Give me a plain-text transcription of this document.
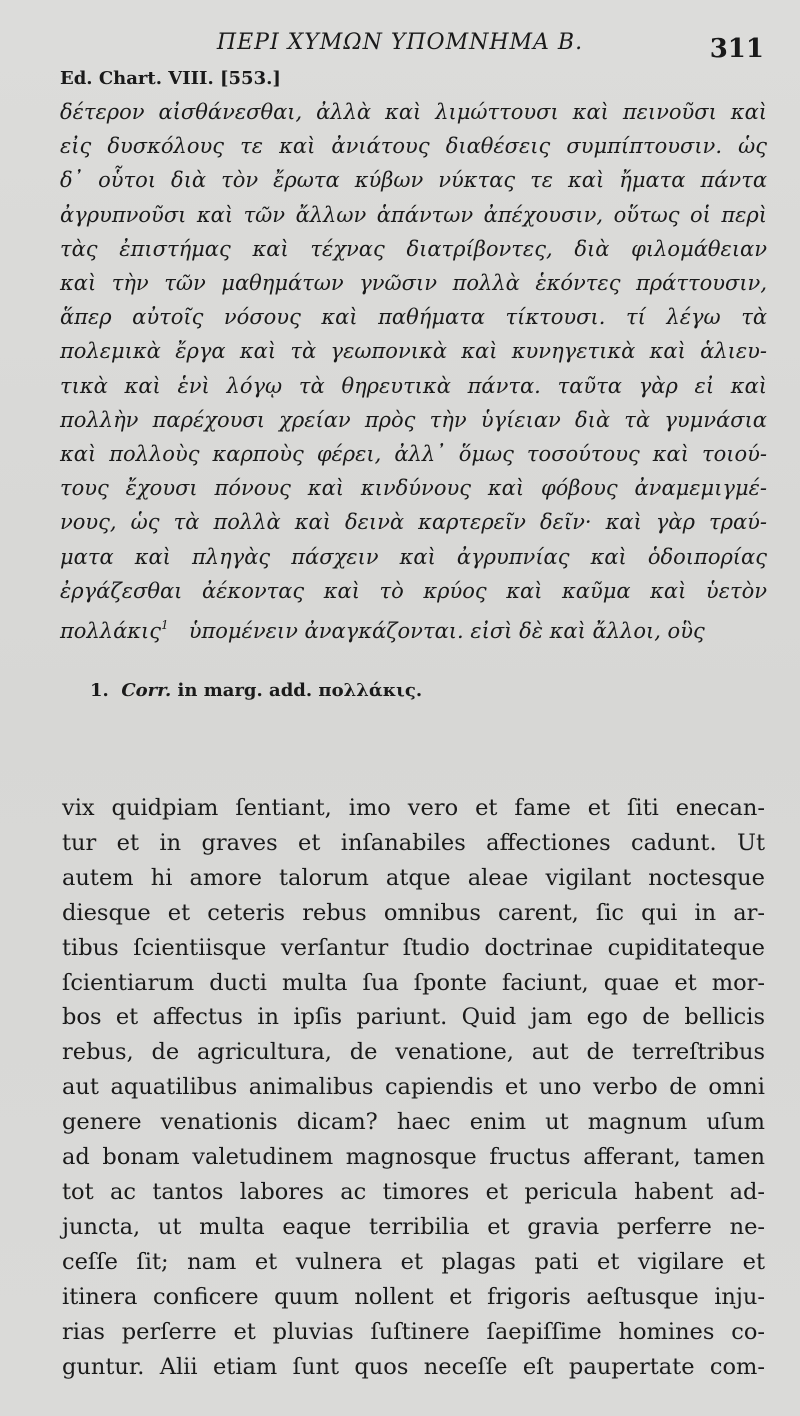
ΠΕΡΙ ΧΥΜΩΝ ΥΠΟΜΝΗΜΑ Β.	311
Ed. Chart. VIII. [553.]
δέτερον αἰσθάνεσθαι, ἀλλὰ καὶ λιμώττουσι καὶ πεινοῦσι καὶ
εἰς δυσκόλους τε καὶ ἀνιάτους διαθέσεις συμπίπτουσιν. ὡς
δ᾽ οὗτοι διὰ τὸν ἔρωτα κύβων νύκτας τε καὶ ἤματα πάντα
ἀγρυπνοῦσι καὶ τῶν ἄλλων ἁπάντων ἀπέχουσιν, οὕτως οἱ περὶ
τὰς ἐπιστήμας καὶ τέχνας διατρίβοντες, διὰ φιλομάθειαν
καὶ τὴν τῶν μαθημάτων γνῶσιν πολλὰ ἑκόντες πράττουσιν,
ἅπερ αὐτοῖς νόσους καὶ παθήματα τίκτουσι. τί λέγω τὰ
πολεμικὰ ἔργα καὶ τὰ γεωπονικὰ καὶ κυνηγετικὰ καὶ ἁλιευ-
τικὰ καὶ ἑνὶ λόγῳ τὰ θηρευτικὰ πάντα. ταῦτα γὰρ εἰ καὶ
πολλὴν παρέχουσι χρείαν πρὸς τὴν ὑγίειαν διὰ τὰ γυμνάσια
καὶ πολλοὺς καρποὺς φέρει, ἀλλ᾽ ὅμως τοσούτους καὶ τοιού-
τους ἔχουσι πόνους καὶ κινδύνους καὶ φόβους ἀναμεμιγμέ-
νους, ὡς τὰ πολλὰ καὶ δεινὰ καρτερεῖν δεῖν· καὶ γὰρ τραύ-
ματα καὶ πληγὰς πάσχειν καὶ ἀγρυπνίας καὶ ὁδοιπορίας
ἐργάζεσθαι ἀέκοντας καὶ τὸ κρύος καὶ καῦμα καὶ ὑετὸν
πολλάκις$^1$ ὑπομένειν ἀναγκάζονται. εἰσὶ δὲ καὶ ἄλλοι, οὓς
1. Corr. in marg. add. πολλάκις.
vix quidpiam ſentiant, imo vero et fame et ſiti enecan-
tur et in graves et inſanabiles affectiones cadunt. Ut
autem hi amore talorum atque aleae vigilant noctesque
diesque et ceteris rebus omnibus carent, ſic qui in ar-
tibus ſcientiisque verſantur ſtudio doctrinae cupiditateque
ſcientiarum ducti multa ſua ſponte faciunt, quae et mor-
bos et affectus in ipſis pariunt. Quid jam ego de bellicis
rebus, de agricultura, de venatione, aut de terreſtribus
aut aquatilibus animalibus capiendis et uno verbo de omni
genere venationis dicam? haec enim ut magnum uſum
ad bonam valetudinem magnosque fructus afferant, tamen
tot ac tantos labores ac timores et pericula habent ad-
juncta, ut multa eaque terribilia et gravia perferre ne-
ceſſe ſit; nam et vulnera et plagas pati et vigilare et
itinera conficere quum nollent et frigoris aeſtusque inju-
rias perſerre et pluvias ſuſtinere ſaepiſſime homines co-
guntur. Alii etiam ſunt quos neceſſe eſt paupertate com-
